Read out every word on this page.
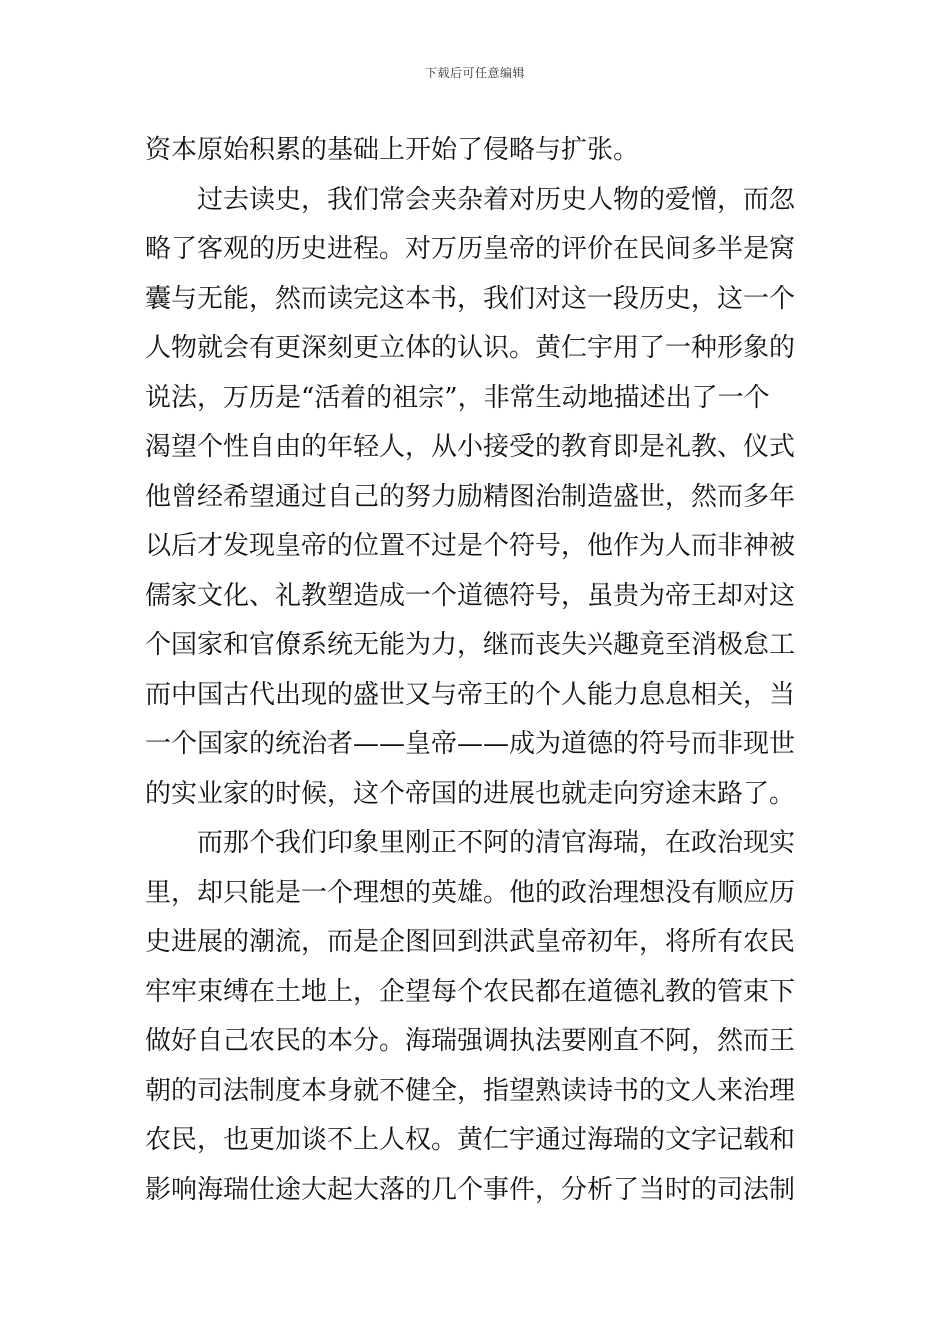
下载后可任意编辑
资本原始积累的基础上开始了侵略与扩张。
过去读史，我们常会夹杂着对历史人物的爱憎，而忽
略了客观的历史进程。对万历皇帝的评价在民间多半是窝
囊与无能，然而读完这本书，我们对这一段历史，这一个
人物就会有更深刻更立体的认识。黄仁宇用了一种形象的
说法，万历是“活着的祖宗”，非常生动地描述出了一个
渴望个性自由的年轻人，从小接受的教育即是礼教、仪式
他曾经希望通过自己的努力励精图治制造盛世，然而多年
以后才发现皇帝的位置不过是个符号，他作为人而非神被
儒家文化、礼教塑造成一个道德符号，虽贵为帝王却对这
个国家和官僚系统无能为力，继而丧失兴趣竟至消极怠工
而中国古代出现的盛世又与帝王的个人能力息息相关，当
一个国家的统治者——皇帝——成为道德的符号而非现世
的实业家的时候，这个帝国的进展也就走向穷途末路了。
而那个我们印象里刚正不阿的清官海瑞，在政治现实
里，却只能是一个理想的英雄。他的政治理想没有顺应历
史进展的潮流，而是企图回到洪武皇帝初年，将所有农民
牢牢束缚在土地上，企望每个农民都在道德礼教的管束下
做好自己农民的本分。海瑞强调执法要刚直不阿，然而王
朝的司法制度本身就不健全，指望熟读诗书的文人来治理
农民，也更加谈不上人权。黄仁宇通过海瑞的文字记载和
影响海瑞仕途大起大落的几个事件，分析了当时的司法制
